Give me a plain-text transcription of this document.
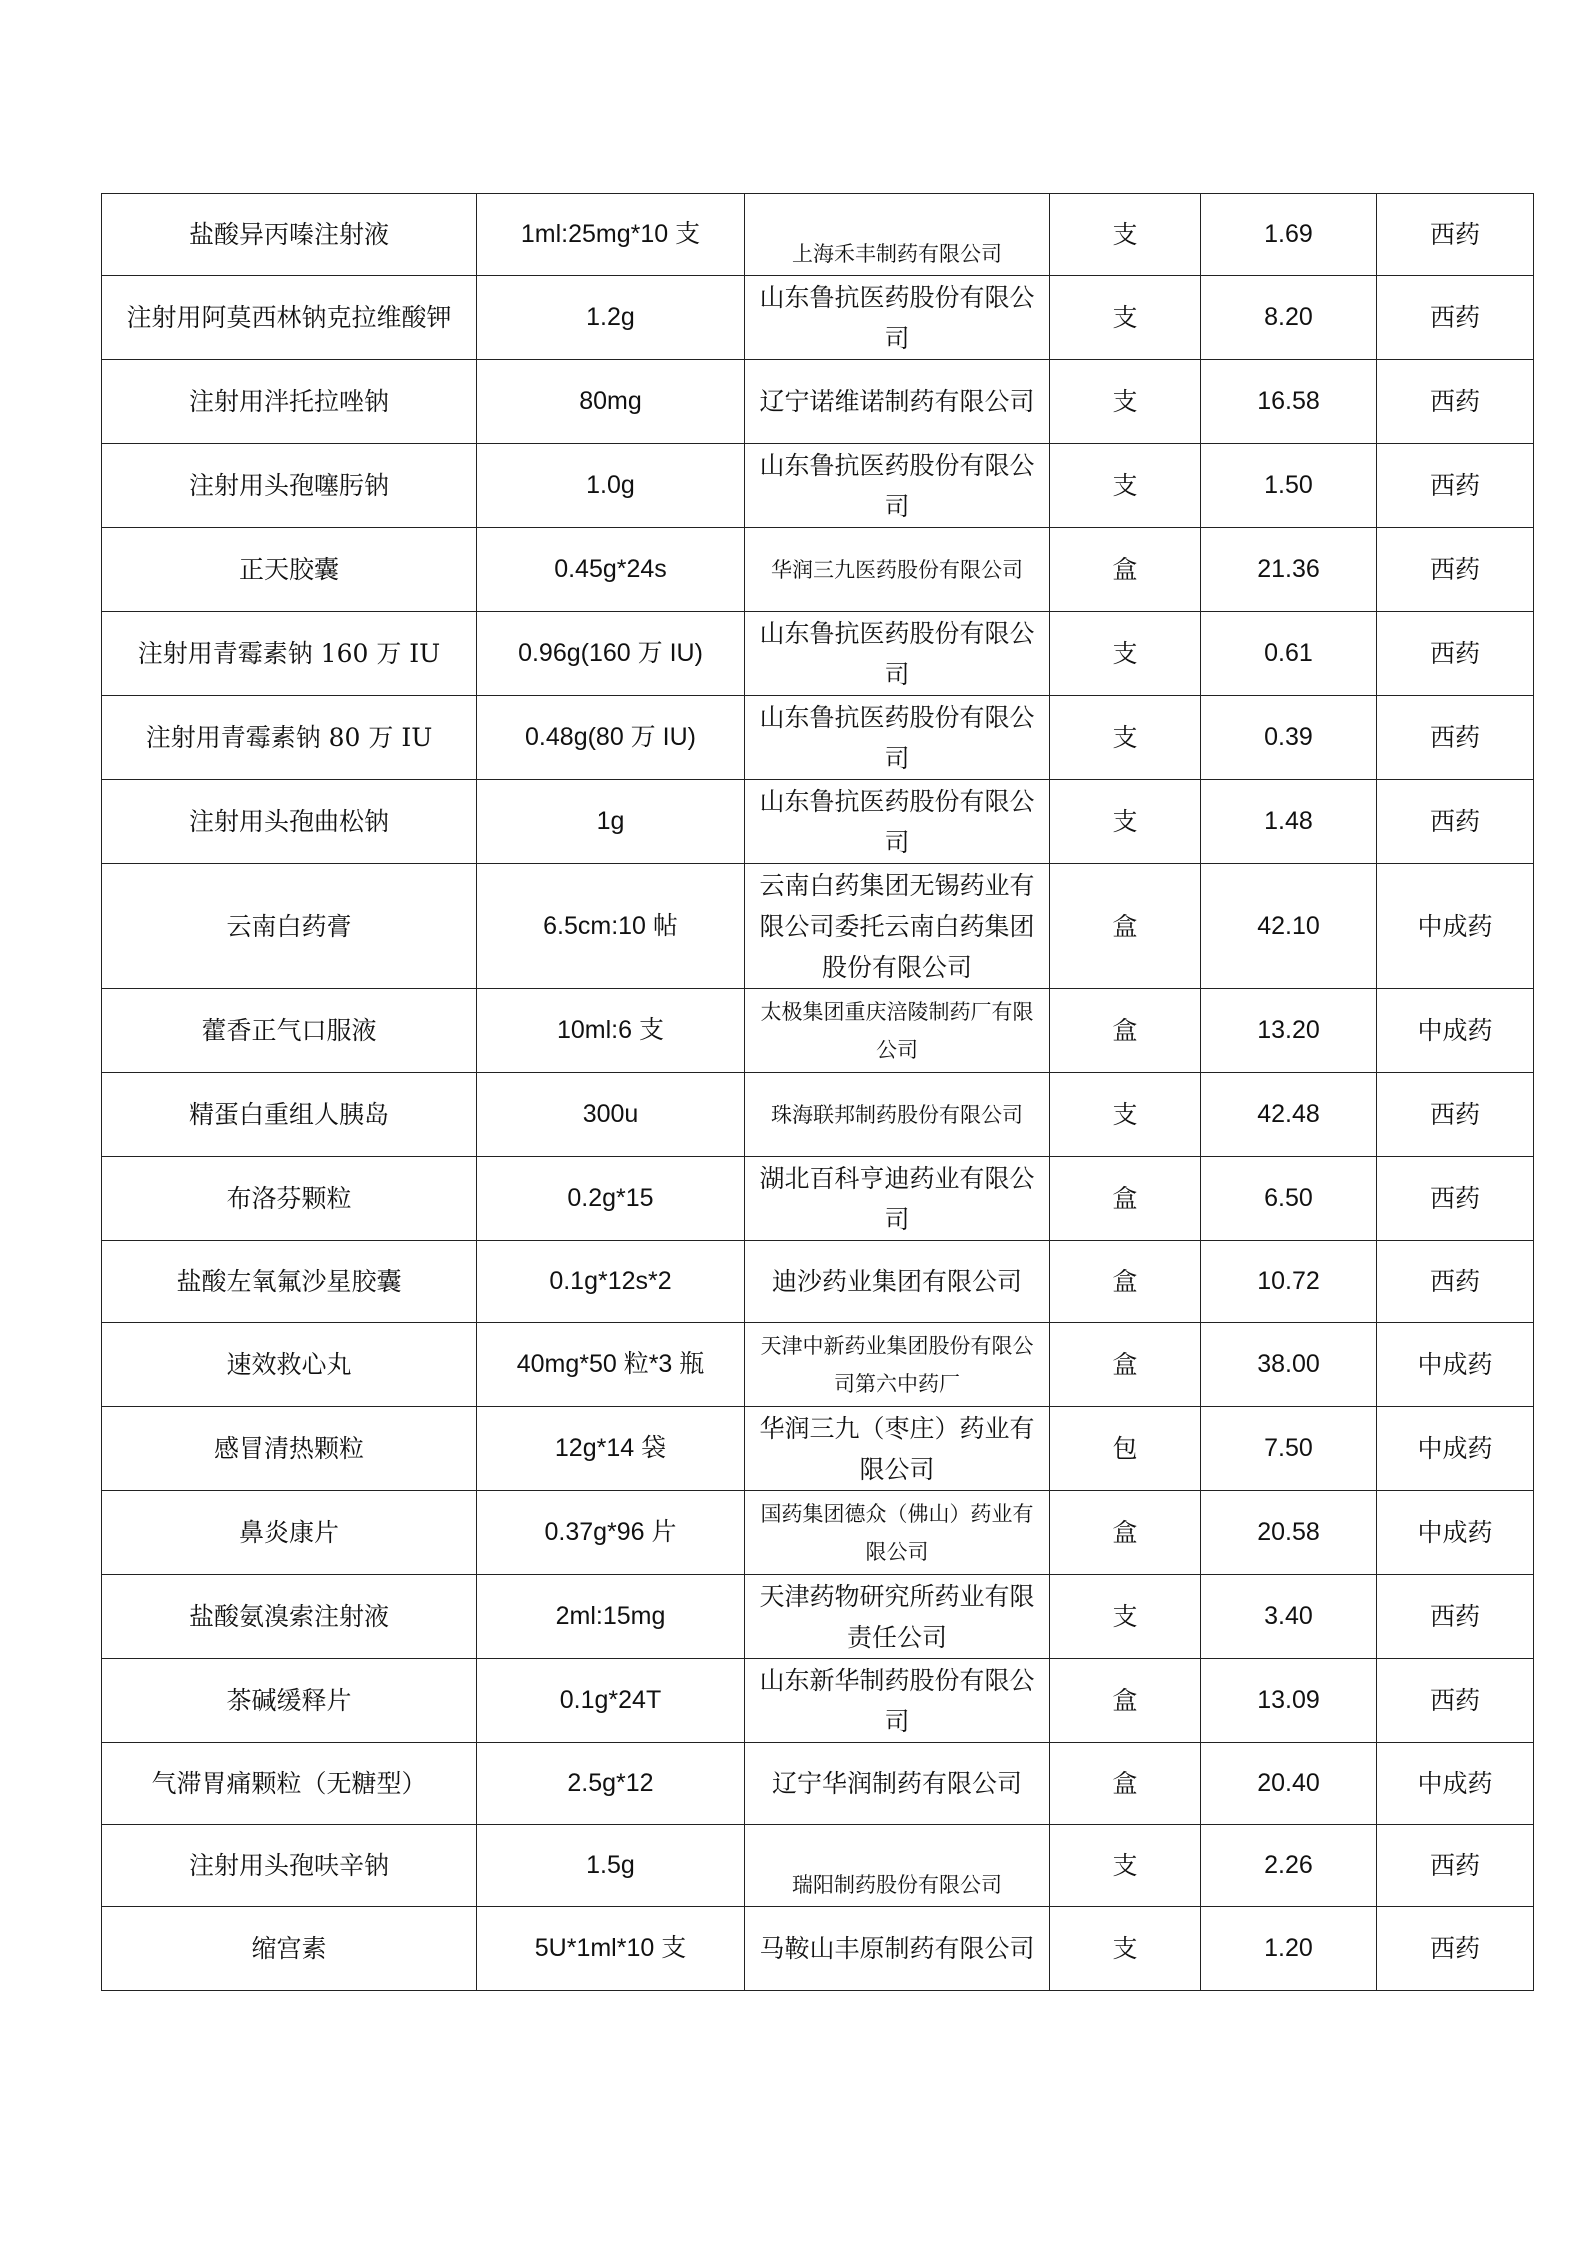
盐酸异丙嗪注射液	1ml:25mg*10 支	上海禾丰制药有限公司	支	1.69	西药
注射用阿莫西林钠克拉维酸钾	1.2g	山东鲁抗医药股份有限公司	支	8.20	西药
注射用泮托拉唑钠	80mg	辽宁诺维诺制药有限公司	支	16.58	西药
注射用头孢噻肟钠	1.0g	山东鲁抗医药股份有限公司	支	1.50	西药
正天胶囊	0.45g*24s	华润三九医药股份有限公司	盒	21.36	西药
注射用青霉素钠 160 万 IU	0.96g(160 万 IU)	山东鲁抗医药股份有限公司	支	0.61	西药
注射用青霉素钠 80 万 IU	0.48g(80 万 IU)	山东鲁抗医药股份有限公司	支	0.39	西药
注射用头孢曲松钠	1g	山东鲁抗医药股份有限公司	支	1.48	西药
云南白药膏	6.5cm:10 帖	云南白药集团无锡药业有限公司委托云南白药集团股份有限公司	盒	42.10	中成药
藿香正气口服液	10ml:6 支	太极集团重庆涪陵制药厂有限公司	盒	13.20	中成药
精蛋白重组人胰岛	300u	珠海联邦制药股份有限公司	支	42.48	西药
布洛芬颗粒	0.2g*15	湖北百科亨迪药业有限公司	盒	6.50	西药
盐酸左氧氟沙星胶囊	0.1g*12s*2	迪沙药业集团有限公司	盒	10.72	西药
速效救心丸	40mg*50 粒*3 瓶	天津中新药业集团股份有限公司第六中药厂	盒	38.00	中成药
感冒清热颗粒	12g*14 袋	华润三九（枣庄）药业有限公司	包	7.50	中成药
鼻炎康片	0.37g*96 片	国药集团德众（佛山）药业有限公司	盒	20.58	中成药
盐酸氨溴索注射液	2ml:15mg	天津药物研究所药业有限责任公司	支	3.40	西药
茶碱缓释片	0.1g*24T	山东新华制药股份有限公司	盒	13.09	西药
气滞胃痛颗粒（无糖型）	2.5g*12	辽宁华润制药有限公司	盒	20.40	中成药
注射用头孢呋辛钠	1.5g	瑞阳制药股份有限公司	支	2.26	西药
缩宫素	5U*1ml*10 支	马鞍山丰原制药有限公司	支	1.20	西药
